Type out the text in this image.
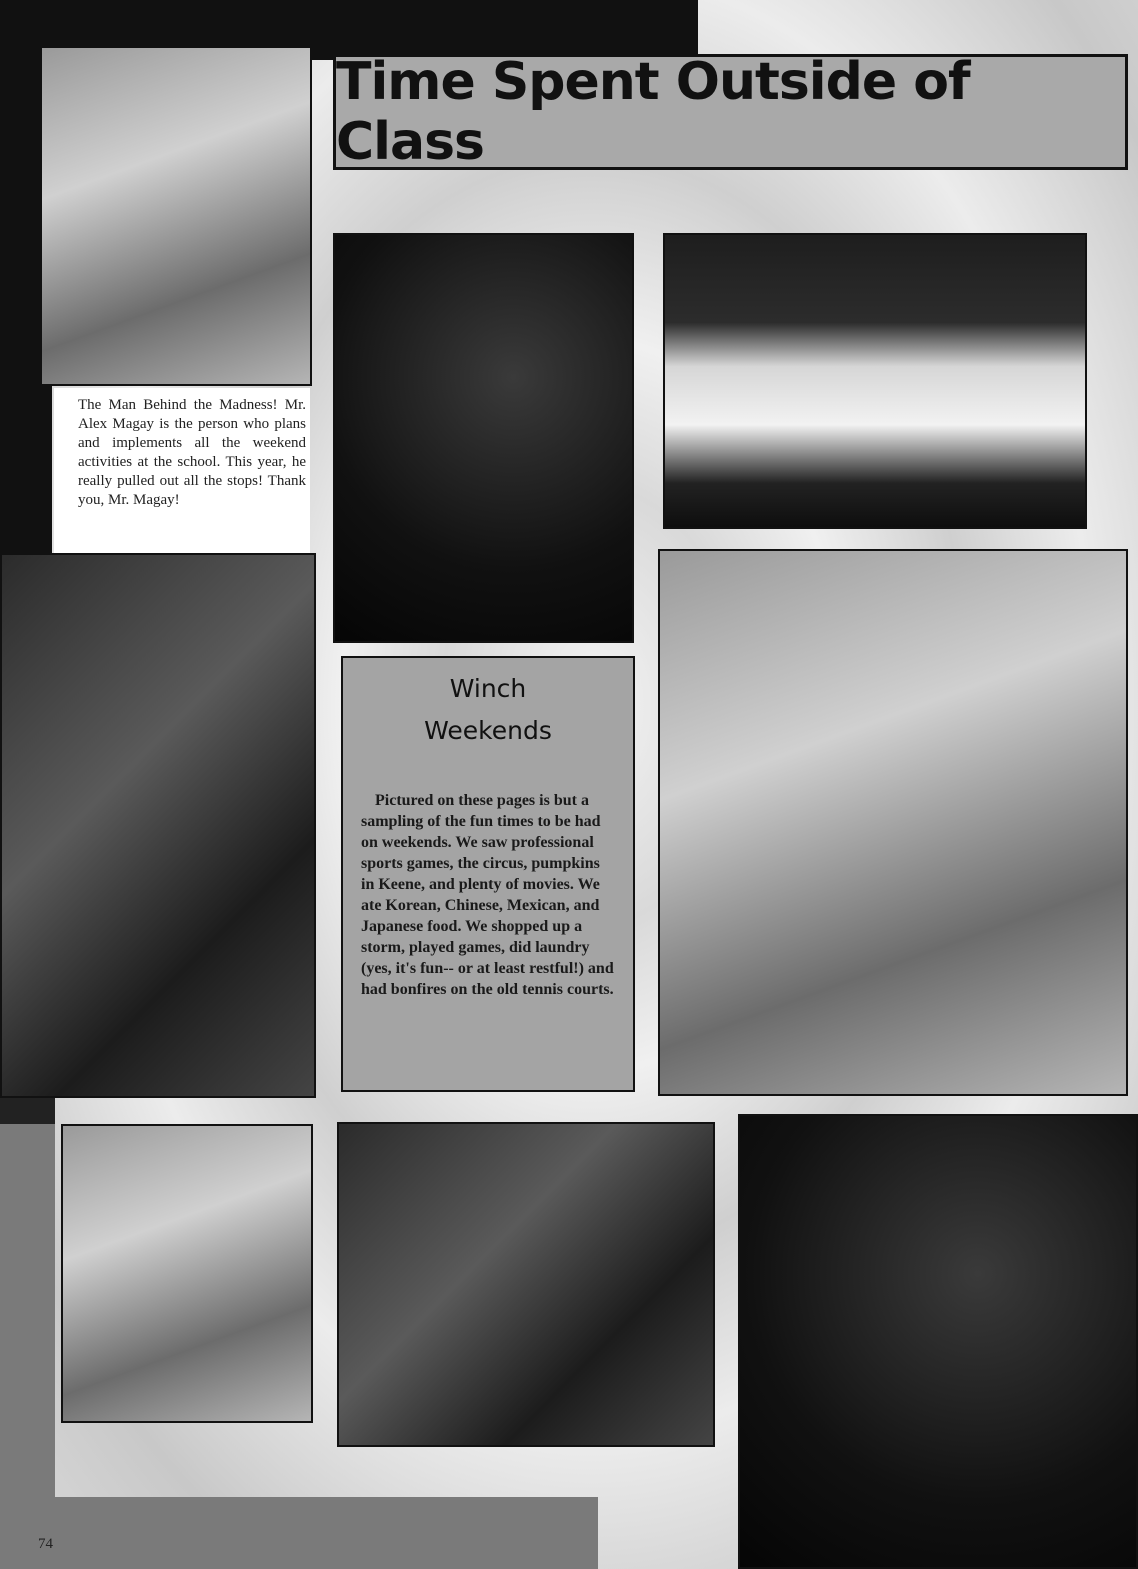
Time Spent Outside of Class

The Man Behind the Madness! Mr. Alex Magay is the person who plans and implements all the weekend activities at the school. This year, he really pulled out all the stops! Thank you, Mr. Magay!

Winch
Weekends
Pictured on these pages is but a sampling of the fun times to be had on weekends. We saw professional sports games, the circus, pumpkins in Keene, and plenty of movies. We ate Korean, Chinese, Mexican, and Japanese food. We shopped up a storm, played games, did laundry (yes, it's fun-- or at least restful!) and had bonfires on the old tennis courts.
74
